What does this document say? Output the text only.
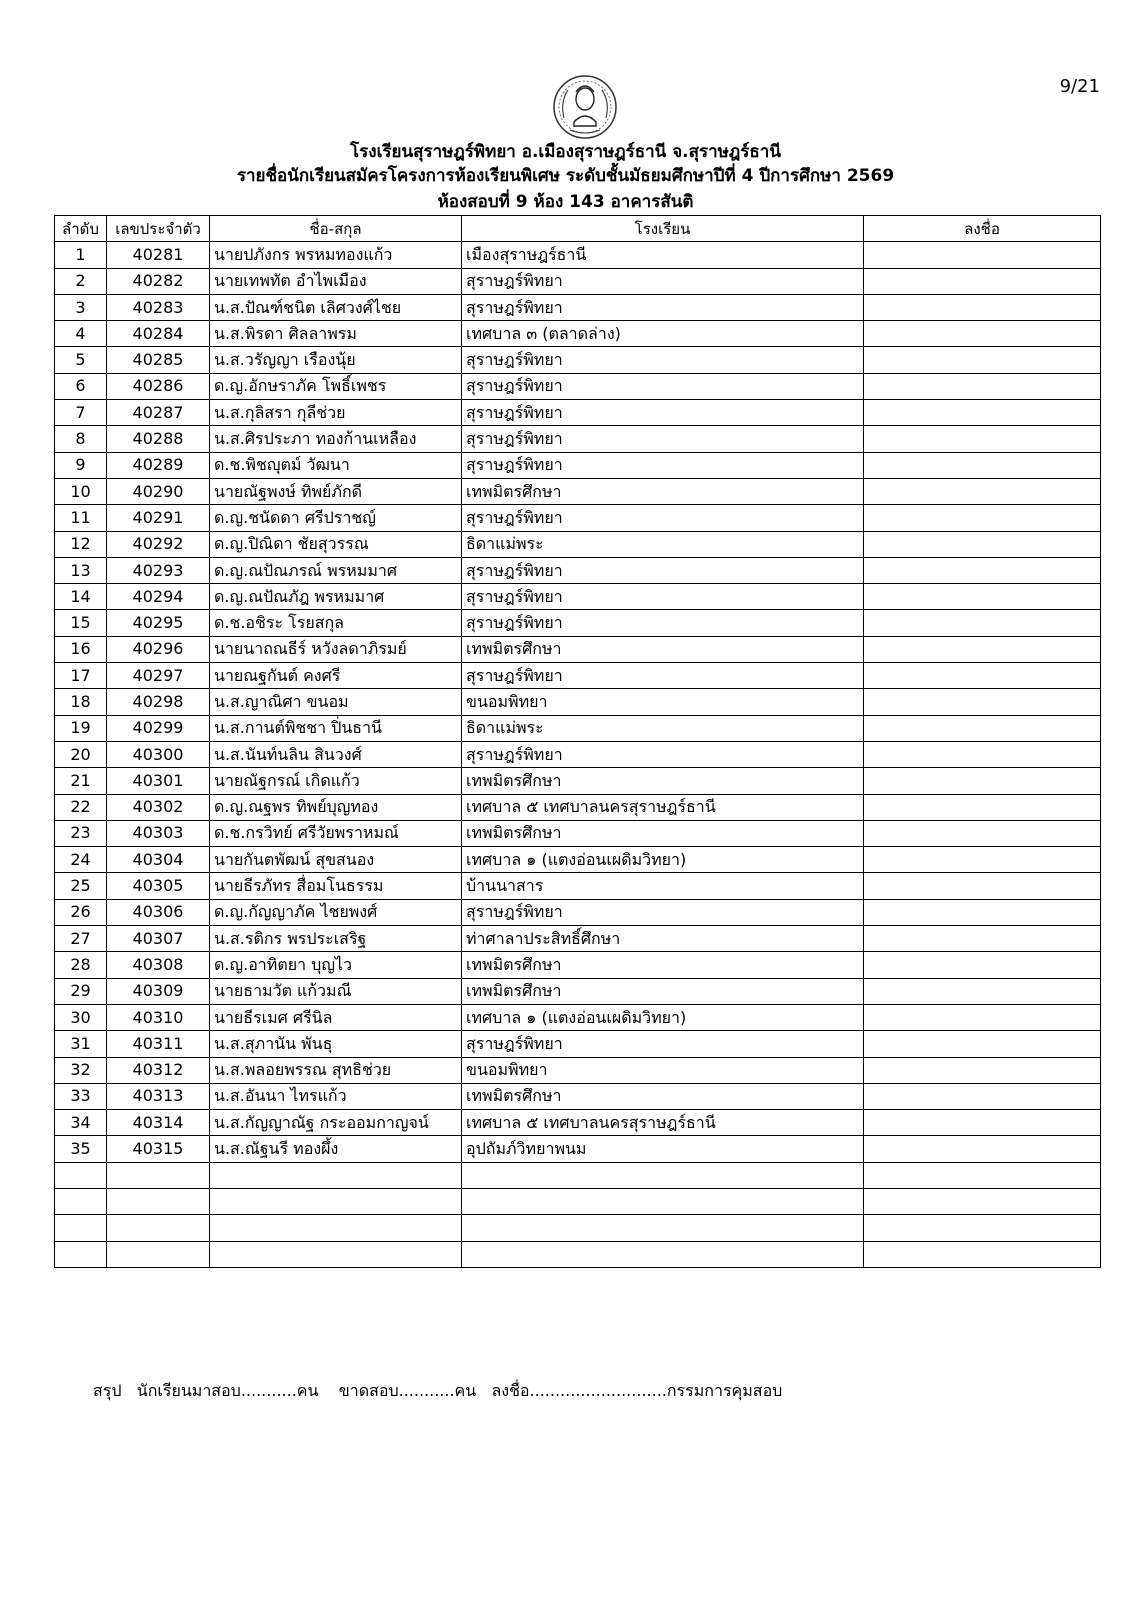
9/21
โรงเรียนสุราษฎร์พิทยา อ.เมืองสุราษฎร์ธานี จ.สุราษฎร์ธานี
รายชื่อนักเรียนสมัครโครงการห้องเรียนพิเศษ ระดับชั้นมัธยมศึกษาปีที่ 4 ปีการศึกษา 2569
ห้องสอบที่ 9 ห้อง 143 อาคารสันติ
ลำดับ	เลขประจำตัว	ชื่อ-สกุล	โรงเรียน	ลงชื่อ
1	40281	นายปภังกร พรหมทองแก้ว	เมืองสุราษฎร์ธานี	
2	40282	นายเทพทัต อำไพเมือง	สุราษฎร์พิทยา	
3	40283	น.ส.ปัณฑ์ชนิต เลิศวงศ์ไชย	สุราษฎร์พิทยา	
4	40284	น.ส.พิรดา ศิลลาพรม	เทศบาล ๓ (ตลาดล่าง)	
5	40285	น.ส.วรัญญา เรืองนุ้ย	สุราษฎร์พิทยา	
6	40286	ด.ญ.อักษราภัค โพธิ์เพชร	สุราษฎร์พิทยา	
7	40287	น.ส.กุลิสรา กุลีช่วย	สุราษฎร์พิทยา	
8	40288	น.ส.ศิรประภา ทองก้านเหลือง	สุราษฎร์พิทยา	
9	40289	ด.ช.พิชญุตม์ วัฒนา	สุราษฎร์พิทยา	
10	40290	นายณัฐพงษ์ ทิพย์ภักดี	เทพมิตรศึกษา	
11	40291	ด.ญ.ชนัดดา ศรีปราชญ์	สุราษฎร์พิทยา	
12	40292	ด.ญ.ปิณิดา ชัยสุวรรณ	ธิดาแม่พระ	
13	40293	ด.ญ.ณปัณภรณ์ พรหมมาศ	สุราษฎร์พิทยา	
14	40294	ด.ญ.ณปัณภัฎ พรหมมาศ	สุราษฎร์พิทยา	
15	40295	ด.ช.อชิระ โรยสกุล	สุราษฎร์พิทยา	
16	40296	นายนาถณธีร์ หวังลดาภิรมย์	เทพมิตรศึกษา	
17	40297	นายณฐกันต์ คงศรี	สุราษฎร์พิทยา	
18	40298	น.ส.ญาณิศา ขนอม	ขนอมพิทยา	
19	40299	น.ส.กานต์พิชชา ปิ่นธานี	ธิดาแม่พระ	
20	40300	น.ส.นันท์นลิน สินวงศ์	สุราษฎร์พิทยา	
21	40301	นายณัฐกรณ์ เกิดแก้ว	เทพมิตรศึกษา	
22	40302	ด.ญ.ณฐพร ทิพย์บุญทอง	เทศบาล ๕ เทศบาลนครสุราษฎร์ธานี	
23	40303	ด.ช.กรวิทย์ ศรีวัยพราหมณ์	เทพมิตรศึกษา	
24	40304	นายกันตพัฒน์ สุขสนอง	เทศบาล ๑ (แตงอ่อนเผดิมวิทยา)	
25	40305	นายธีรภัทร สื่อมโนธรรม	บ้านนาสาร	
26	40306	ด.ญ.กัญญาภัค ไชยพงศ์	สุราษฎร์พิทยา	
27	40307	น.ส.รติกร พรประเสริฐ	ท่าศาลาประสิทธิ์ศึกษา	
28	40308	ด.ญ.อาทิตยา บุญไว	เทพมิตรศึกษา	
29	40309	นายธามวัต แก้วมณี	เทพมิตรศึกษา	
30	40310	นายธีรเมศ ศรีนิล	เทศบาล ๑ (แตงอ่อนเผดิมวิทยา)	
31	40311	น.ส.สุภานัน พันธุ	สุราษฎร์พิทยา	
32	40312	น.ส.พลอยพรรณ สุทธิช่วย	ขนอมพิทยา	
33	40313	น.ส.อันนา ไทรแก้ว	เทพมิตรศึกษา	
34	40314	น.ส.กัญญาณัฐ กระออมกาญจน์	เทศบาล ๕ เทศบาลนครสุราษฎร์ธานี	
35	40315	น.ส.ณัฐนรี ทองผึ้ง	อุปถัมภ์วิทยาพนม	

สรุป   นักเรียนมาสอบ...........คน    ขาดสอบ...........คน   ลงชื่อ...........................กรรมการคุมสอบ
